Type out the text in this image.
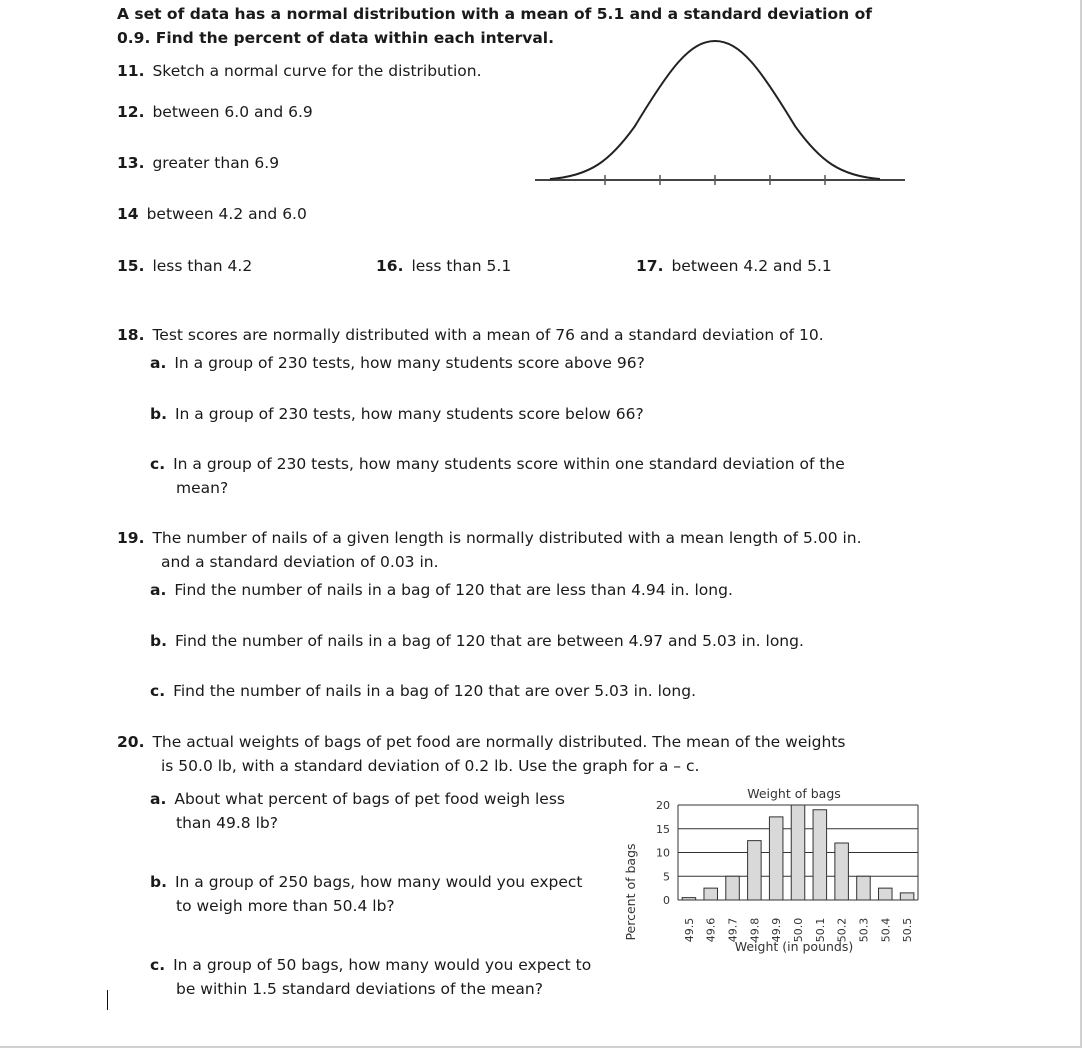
A set of data has a normal distribution with a mean of 5.1 and a standard deviation of
0.9. Find the percent of data within each interval.
11. Sketch a normal curve for the distribution.
12. between 6.0 and 6.9
13. greater than 6.9
14 between 4.2 and 6.0
15. less than 4.2	16. less than 5.1	17. between 4.2 and 5.1
18. Test scores are normally distributed with a mean of 76 and a standard deviation of 10.
a. In a group of 230 tests, how many students score above 96?
b. In a group of 230 tests, how many students score below 66?
c. In a group of 230 tests, how many students score within one standard deviation of the
mean?
19. The number of nails of a given length is normally distributed with a mean length of 5.00 in.
and a standard deviation of 0.03 in.
a. Find the number of nails in a bag of 120 that are less than 4.94 in. long.
b. Find the number of nails in a bag of 120 that are between 4.97 and 5.03 in. long.
c. Find the number of nails in a bag of 120 that are over 5.03 in. long.
20. The actual weights of bags of pet food are normally distributed. The mean of the weights
is 50.0 lb, with a standard deviation of 0.2 lb. Use the graph for a – c.
a. About what percent of bags of pet food weigh less
than 49.8 lb?
b. In a group of 250 bags, how many would you expect
to weigh more than 50.4 lb?
c. In a group of 50 bags, how many would you expect to
be within 1.5 standard deviations of the mean?
Weight of bags
Percent of bags
Weight (in pounds)
0
5
10
15
20
49.5 49.6 49.7 49.8 49.9 50.0 50.1 50.2 50.3 50.4 50.5
